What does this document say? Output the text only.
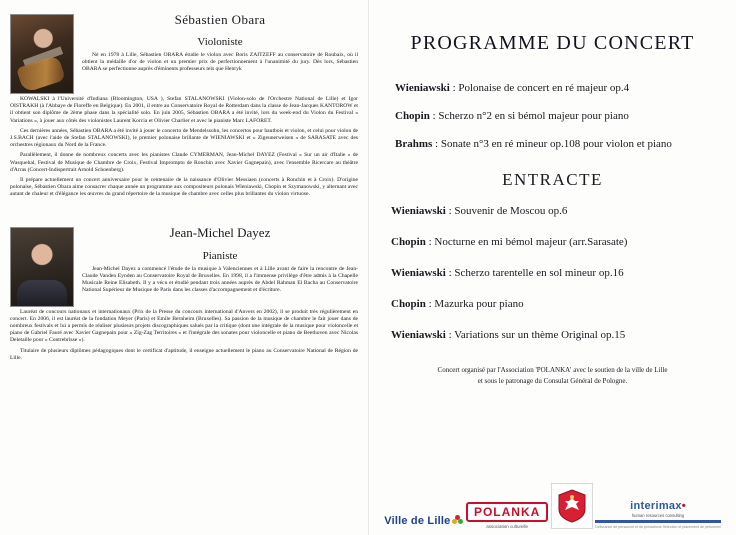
Sébastien Obara
Violoniste

Né en 1978 à Lille, Sébastien OBARA étudie le violon avec Boris ZAITZEFF au conservatoire de Roubaix, où il obtient la médaille d'or de violon et un premier prix de perfectionnement à l'unanimité du jury. Dès lors, Sébastien OBARA se perfectionne auprès d'éminents professeurs tels que Henryk

KOWALSKI à l'Université d'Indiana (Bloomington, USA ), Stefan STALANOWSKI (Violon-solo de l'Orchestre National de Lille) et Igor OISTRAKH (à l'Abbaye de Floreffe en Belgique). En 2001, il entre au Conservatoire Royal de Rotterdam dans la classe de Jean-Jacques KANTOROW et il obtient son diplôme de 2ème phase dans la spécialité solo. En juin 2005, Sébastien OBARA a été invité, lors du week-end du Violon du Festival « Variations », à jouer aux côtés des violonistes Laurent Korcia et Olivier Charlier et avec le pianiste Marc LAFORET.

Ces dernières années, Sébastien OBARA a été invité à jouer le concerto de Mendelssohn, les concertos pour hautbois et violon, et celui pour violon de J.S.BACH (avec l'aide de Stefan STALANOWSKI), le premier polonaise brillante de WIENIAWSKI et « Zigeunerweisen » de SARASATE avec des orchestres régionaux du Nord de la France.

Parallèlement, il donne de nombreux concerts avec les pianistes Claude CYMERMAN, Jean-Michel DAYEZ (Festival « Sur un air d'Italie » de Wasquehal, Festival de Musique de Chambre de Croix, Festival Impromptu de Ronchin avec Xavier Gagnepain), avec l'ensemble Ricercare au théâtre d'Arras (Concert-Indispertrait Arnold Schoenberg).

Il prépare actuellement un concert anniversaire pour le centenaire de la naissance d'Olivier Messiaen (concerts à Ronchin et à Croix). D'origine polonaise, Sébastien Obara aime consacrer chaque année un programme aux compositeurs polonais Wieniawski, Chopin et Szymanowski, y alternant avec autant de chaleur et d'élégance les œuvres du grand répertoire de la musique de chambre avec celles plus brillantes du violon virtuose.

Jean-Michel Dayez
Pianiste

Jean-Michel Dayez a commencé l'étude de la musique à Valenciennes et à Lille avant de faire la rencontre de Jean-Claude Vanden Eynden au Conservatoire Royal de Bruxelles. En 1998, il a l'immense privilège d'être admis à la Chapelle Musicale Reine Elisabeth. Il y a vécu et étudié pendant trois années auprès de Abdel Rahman El Bacha au Conservatoire National Supérieur de Musique de Paris dans les classes d'accompagnement et d'écriture.

Lauréat de concours nationaux et internationaux (Prix de la Presse du concours international d'Anvers en 2002), il se produit très régulièrement en concert. En 2006, il est lauréat de la fondation Meyer (Paris) et Emile Bernheim (Bruxelles). Sa passion de la musique de chambre le fait jouer dans de nombreux festivals et lui a permis de réaliser plusieurs projets discographiques salués par la critique (dont une intégrale de la musique pour violoncelle et piano de Gabriel Fauré avec Xavier Gagnepain pour « Zig-Zag Territoires » et l'intégrale des sonates pour violoncelle et piano de Beethoven avec Nicolas Deletaille pour « Contrebrisse »).

Titulaire de plusieurs diplômes pédagogiques dont le certificat d'aptitude, il enseigne actuellement le piano au Conservatoire National de Région de Lille.

PROGRAMME DU CONCERT
Wieniawski : Polonaise de concert en ré majeur op.4
Chopin : Scherzo n°2 en si bémol majeur pour piano
Brahms : Sonate n°3 en ré mineur op.108 pour violon et piano
ENTRACTE
Wieniawski : Souvenir de Moscou op.6
Chopin : Nocturne en mi bémol majeur (arr.Sarasate)
Wieniawski : Scherzo tarentelle en sol mineur op.16
Chopin : Mazurka pour piano
Wieniawski : Variations sur un thème Original op.15
Concert organisé par l'Association 'POLANKA' avec le soutien de la ville de Lille
et sous le patronage du Consulat Général de Pologne.
Ville de Lille
POLANKA
association culturelle
interimax•
human resources consulting
Délivrance de personnel et de prestations Sélection et placement de personnel
